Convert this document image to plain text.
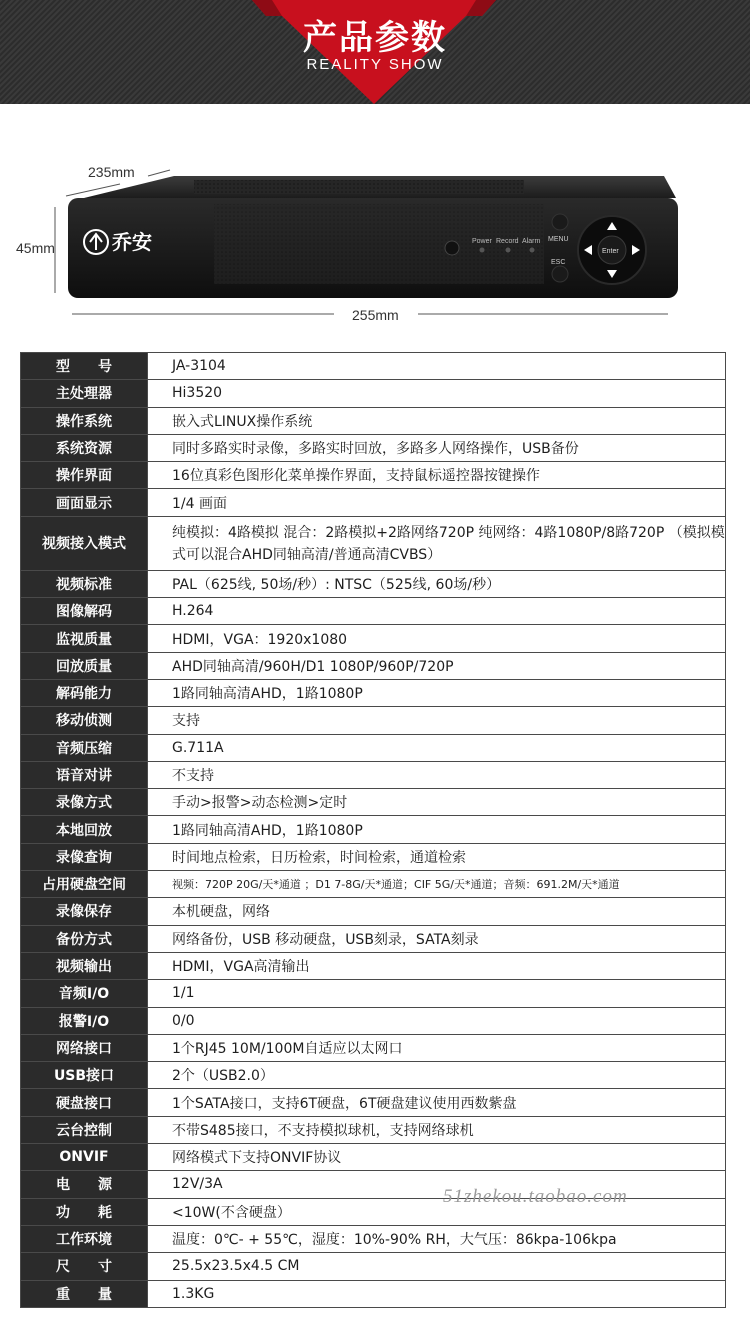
产品参数
REALITY SHOW
235mm
45mm
255mm
乔安	Power Record Alarm MENU
ESC
Enter
型　　号	JA-3104
主处理器	Hi3520
操作系统	嵌入式LINUX操作系统
系统资源	同时多路实时录像，多路实时回放，多路多人网络操作，USB备份
操作界面	16位真彩色图形化菜单操作界面，支持鼠标遥控器按键操作
画面显示	1/4 画面
视频接入模式	纯模拟：4路模拟 混合：2路模拟+2路网络720P 纯网络：4路1080P/8路720P （模拟模式可以混合AHD同轴高清/普通高清CVBS）
视频标准	PAL（625线, 50场/秒）: NTSC（525线, 60场/秒）
图像解码	H.264
监视质量	HDMI，VGA：1920x1080
回放质量	AHD同轴高清/960H/D1 1080P/960P/720P
解码能力	1路同轴高清AHD，1路1080P
移动侦测	支持
音频压缩	G.711A
语音对讲	不支持
录像方式	手动>报警>动态检测>定时
本地回放	1路同轴高清AHD，1路1080P
录像查询	时间地点检索，日历检索，时间检索，通道检索
占用硬盘空间	视频：720P 20G/天*通道 ；D1 7-8G/天*通道；CIF 5G/天*通道；音频：691.2M/天*通道
录像保存	本机硬盘，网络
备份方式	网络备份，USB 移动硬盘，USB刻录，SATA刻录
视频输出	HDMI，VGA高清输出
音频I/O	1/1
报警I/O	0/0
网络接口	1个RJ45 10M/100M自适应以太网口
USB接口	2个（USB2.0）
硬盘接口	1个SATA接口，支持6T硬盘，6T硬盘建议使用西数紫盘
云台控制	不带S485接口，不支持模拟球机，支持网络球机
ONVIF	网络模式下支持ONVIF协议
电　　源	12V/3A
功　　耗	<10W(不含硬盘）
工作环境	温度：0℃- + 55℃，湿度：10%-90% RH，大气压：86kpa-106kpa
尺　　寸	25.5x23.5x4.5 CM
重　　量	1.3KG
51zhekou.taobao.com
